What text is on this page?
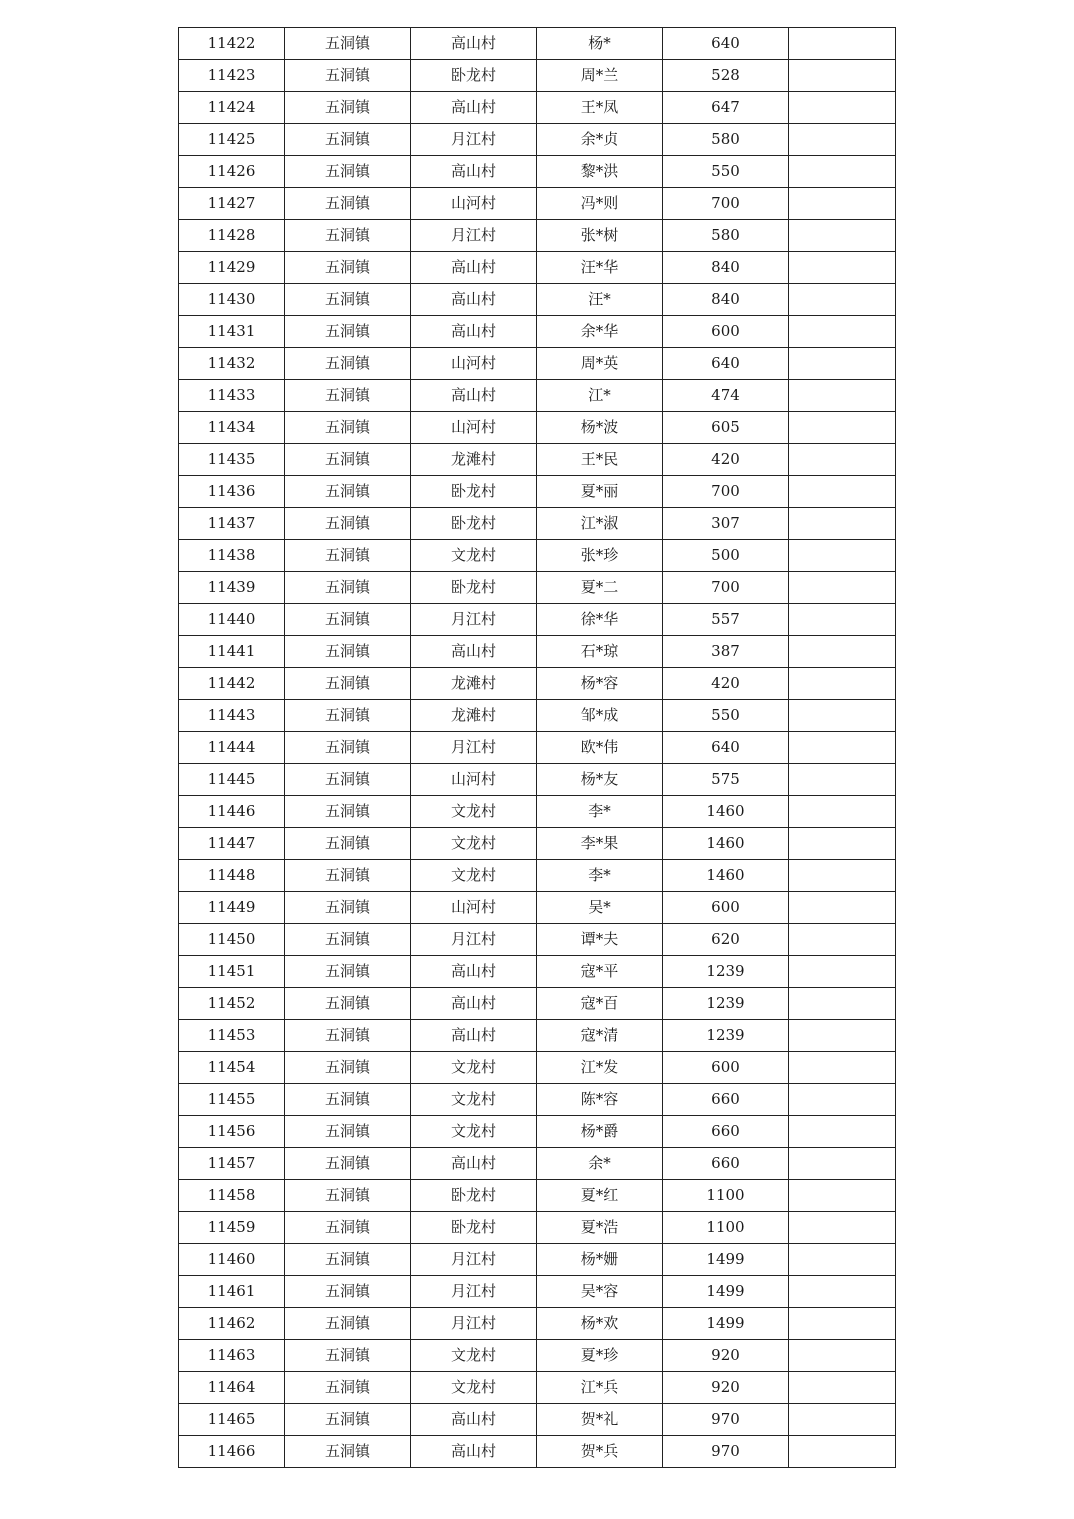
11422	五洞镇	高山村	杨*	640	
11423	五洞镇	卧龙村	周*兰	528	
11424	五洞镇	高山村	王*凤	647	
11425	五洞镇	月江村	余*贞	580	
11426	五洞镇	高山村	黎*洪	550	
11427	五洞镇	山河村	冯*则	700	
11428	五洞镇	月江村	张*树	580	
11429	五洞镇	高山村	汪*华	840	
11430	五洞镇	高山村	汪*	840	
11431	五洞镇	高山村	余*华	600	
11432	五洞镇	山河村	周*英	640	
11433	五洞镇	高山村	江*	474	
11434	五洞镇	山河村	杨*波	605	
11435	五洞镇	龙滩村	王*民	420	
11436	五洞镇	卧龙村	夏*丽	700	
11437	五洞镇	卧龙村	江*淑	307	
11438	五洞镇	文龙村	张*珍	500	
11439	五洞镇	卧龙村	夏*二	700	
11440	五洞镇	月江村	徐*华	557	
11441	五洞镇	高山村	石*琼	387	
11442	五洞镇	龙滩村	杨*容	420	
11443	五洞镇	龙滩村	邹*成	550	
11444	五洞镇	月江村	欧*伟	640	
11445	五洞镇	山河村	杨*友	575	
11446	五洞镇	文龙村	李*	1460	
11447	五洞镇	文龙村	李*果	1460	
11448	五洞镇	文龙村	李*	1460	
11449	五洞镇	山河村	吴*	600	
11450	五洞镇	月江村	谭*夫	620	
11451	五洞镇	高山村	寇*平	1239	
11452	五洞镇	高山村	寇*百	1239	
11453	五洞镇	高山村	寇*清	1239	
11454	五洞镇	文龙村	江*发	600	
11455	五洞镇	文龙村	陈*容	660	
11456	五洞镇	文龙村	杨*爵	660	
11457	五洞镇	高山村	余*	660	
11458	五洞镇	卧龙村	夏*红	1100	
11459	五洞镇	卧龙村	夏*浩	1100	
11460	五洞镇	月江村	杨*姗	1499	
11461	五洞镇	月江村	吴*容	1499	
11462	五洞镇	月江村	杨*欢	1499	
11463	五洞镇	文龙村	夏*珍	920	
11464	五洞镇	文龙村	江*兵	920	
11465	五洞镇	高山村	贺*礼	970	
11466	五洞镇	高山村	贺*兵	970	
